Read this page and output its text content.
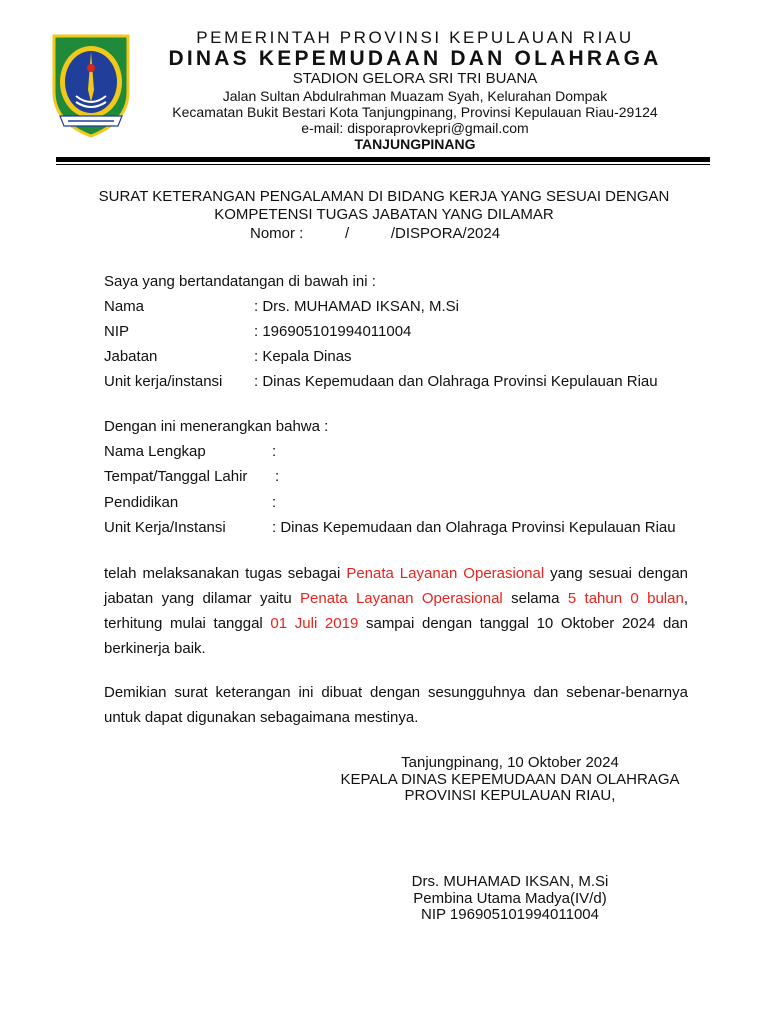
PEMERINTAH PROVINSI KEPULAUAN RIAU
DINAS KEPEMUDAAN DAN OLAHRAGA
STADION GELORA SRI TRI BUANA
Jalan Sultan Abdulrahman Muazam Syah, Kelurahan Dompak
Kecamatan Bukit Bestari Kota Tanjungpinang, Provinsi Kepulauan Riau-29124
e-mail: disporaprovkepri@gmail.com
TANJUNGPINANG
SURAT KETERANGAN PENGALAMAN DI BIDANG KERJA YANG SESUAI DENGAN
KOMPETENSI TUGAS JABATAN YANG DILAMAR
Nomor :          /          /DISPORA/2024
Saya yang bertandatangan di bawah ini :
Nama	: Drs. MUHAMAD IKSAN, M.Si
NIP	: 196905101994011004
Jabatan	: Kepala Dinas
Unit kerja/instansi : Dinas Kepemudaan dan Olahraga Provinsi Kepulauan Riau
Dengan ini menerangkan bahwa :
Nama Lengkap	:
Tempat/Tanggal Lahir :
Pendidikan	:
Unit Kerja/Instansi	: Dinas Kepemudaan dan Olahraga Provinsi Kepulauan Riau
telah melaksanakan tugas sebagai Penata Layanan Operasional yang sesuai dengan jabatan yang dilamar yaitu Penata Layanan Operasional selama 5 tahun 0 bulan, terhitung mulai tanggal 01 Juli 2019 sampai dengan tanggal 10 Oktober 2024 dan berkinerja baik.
Demikian surat keterangan ini dibuat dengan sesungguhnya dan sebenar-benarnya untuk dapat digunakan sebagaimana mestinya.
Tanjungpinang, 10 Oktober 2024
KEPALA DINAS KEPEMUDAAN DAN OLAHRAGA
PROVINSI KEPULAUAN RIAU,
Drs. MUHAMAD IKSAN, M.Si
Pembina Utama Madya(IV/d)
NIP 196905101994011004
